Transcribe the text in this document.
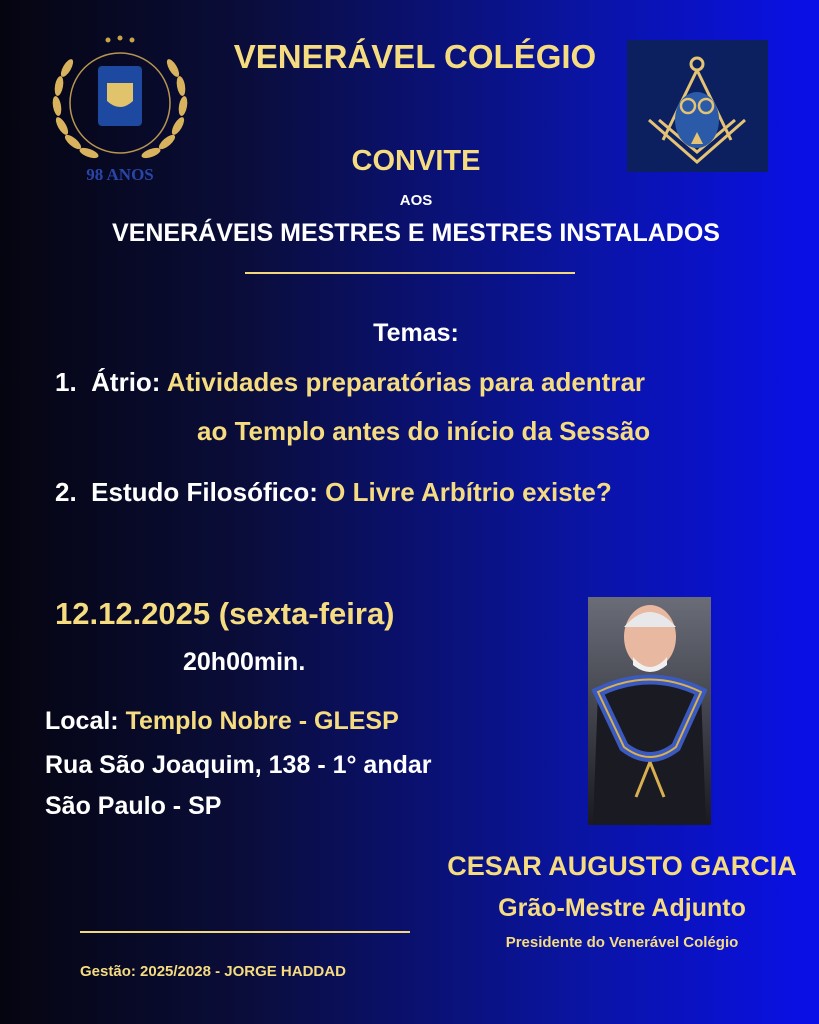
98 ANOS
VENERÁVEL COLÉGIO
CONVITE
AOS
VENERÁVEIS MESTRES E MESTRES INSTALADOS
Temas:
1. Átrio: Atividades preparatórias para adentrar
ao Templo antes do início da Sessão
2. Estudo Filosófico: O Livre Arbítrio existe?
12.12.2025 (sexta-feira)
20h00min.
Local: Templo Nobre - GLESP
Rua São Joaquim, 138 - 1° andar
São Paulo - SP
CESAR AUGUSTO GARCIA
Grão-Mestre Adjunto
Presidente do Venerável Colégio
Gestão: 2025/2028 - JORGE HADDAD
